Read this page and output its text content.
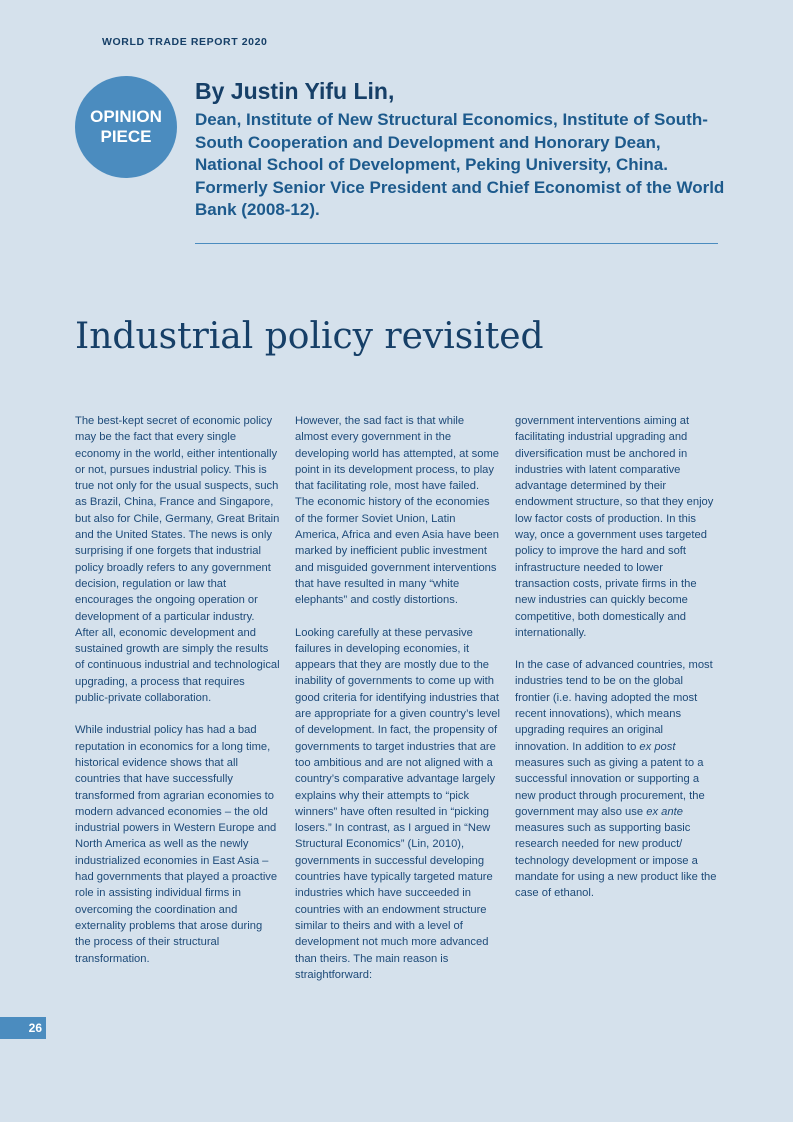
WORLD TRADE REPORT 2020
OPINION
PIECE
By Justin Yifu Lin,

Dean, Institute of New Structural Economics, Institute of South-South Cooperation and Development and Honorary Dean, National School of Development, Peking University, China. Formerly Senior Vice President and Chief Economist of the World Bank (2008-12).

Industrial policy revisited

The best-kept secret of economic policy may be the fact that every single economy in the world, either intentionally or not, pursues industrial policy. This is true not only for the usual suspects, such as Brazil, China, France and Singapore, but also for Chile, Germany, Great Britain and the United States. The news is only surprising if one forgets that industrial policy broadly refers to any government decision, regulation or law that encourages the ongoing operation or development of a particular industry. After all, economic development and sustained growth are simply the results of continuous industrial and technological upgrading, a process that requires public-private collaboration.

While industrial policy has had a bad reputation in economics for a long time, historical evidence shows that all countries that have successfully transformed from agrarian economies to modern advanced economies – the old industrial powers in Western Europe and North America as well as the newly industrialized economies in East Asia – had governments that played a proactive role in assisting individual firms in overcoming the coordination and externality problems that arose during the process of their structural transformation.

However, the sad fact is that while almost every government in the developing world has attempted, at some point in its development process, to play that facilitating role, most have failed. The economic history of the economies of the former Soviet Union, Latin America, Africa and even Asia have been marked by inefficient public investment and misguided government interventions that have resulted in many “white elephants” and costly distortions.

Looking carefully at these pervasive failures in developing economies, it appears that they are mostly due to the inability of governments to come up with good criteria for identifying industries that are appropriate for a given country’s level of development. In fact, the propensity of governments to target industries that are too ambitious and are not aligned with a country’s comparative advantage largely explains why their attempts to “pick winners” have often resulted in “picking losers.” In contrast, as I argued in “New Structural Economics” (Lin, 2010), governments in successful developing countries have typically targeted mature industries which have succeeded in countries with an endowment structure similar to theirs and with a level of development not much more advanced than theirs. The main reason is straightforward:

government interventions aiming at facilitating industrial upgrading and diversification must be anchored in industries with latent comparative advantage determined by their endowment structure, so that they enjoy low factor costs of production. In this way, once a government uses targeted policy to improve the hard and soft infrastructure needed to lower transaction costs, private firms in the new industries can quickly become competitive, both domestically and internationally.

In the case of advanced countries, most industries tend to be on the global frontier (i.e. having adopted the most recent innovations), which means upgrading requires an original innovation. In addition to ex post measures such as giving a patent to a successful innovation or supporting a new product through procurement, the government may also use ex ante measures such as supporting basic research needed for new product/ technology development or impose a mandate for using a new product like the case of ethanol.

26
